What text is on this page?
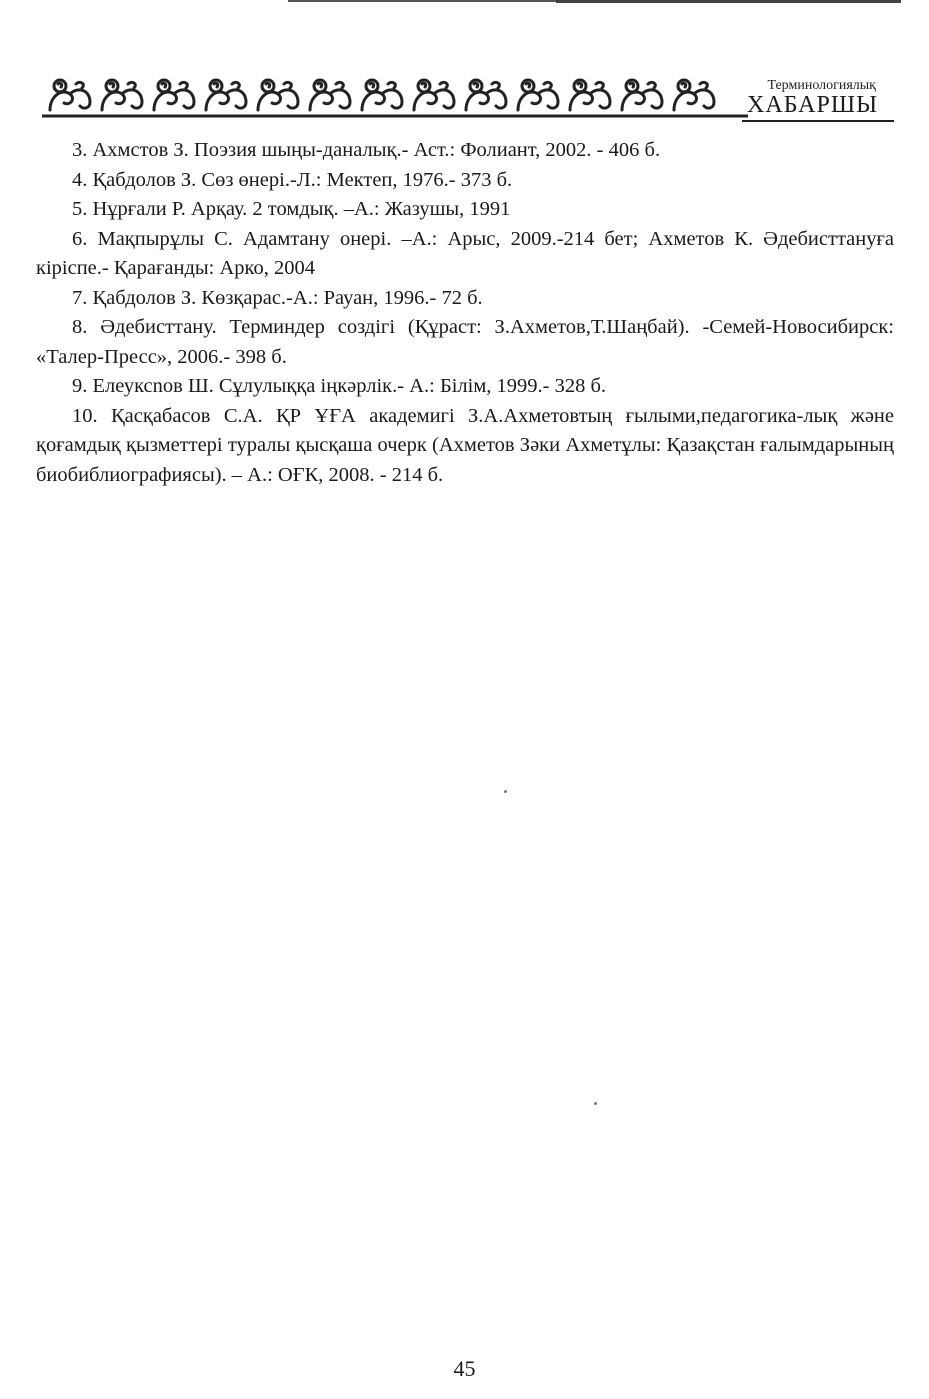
Терминологиялық
ХАБАРШЫ
3. Ахмстов З. Поэзия шыңы-даналық.- Аст.: Фолиант, 2002. - 406 б.
4. Қабдолов З. Сөз өнері.-Л.: Мектеп, 1976.- 373 б.
5. Нұрғали Р. Арқау. 2 томдық. –А.: Жазушы, 1991
6. Мақпырұлы С. Адамтану онері. –А.: Арыс, 2009.-214 бет; Ахметов К. Әдебисттануға кіріспе.- Қарағанды: Арко, 2004
7. Қабдолов З. Көзқарас.-А.: Рауан, 1996.- 72 б.
8. Әдебисттану. Терминдер создігі (Құраст: З.Ахметов,Т.Шаңбай). -Семей-Новосибирск: «Талер-Пресс», 2006.- 398 б.
9. Елеуксnов Ш. Сұлулыққа іңкәрлік.- А.: Білім, 1999.- 328 б.
10. Қасқабасов С.А. ҚР ҰҒА академигі З.А.Ахметовтың ғылыми,педагогика-лық жәнe қоғамдық қызметтері туралы қысқаша очерк (Ахметов Зәки Ахметұлы: Қазақстан ғалымдарының биобиблиографиясы). – А.: ОҒК, 2008. - 214 б.
45
